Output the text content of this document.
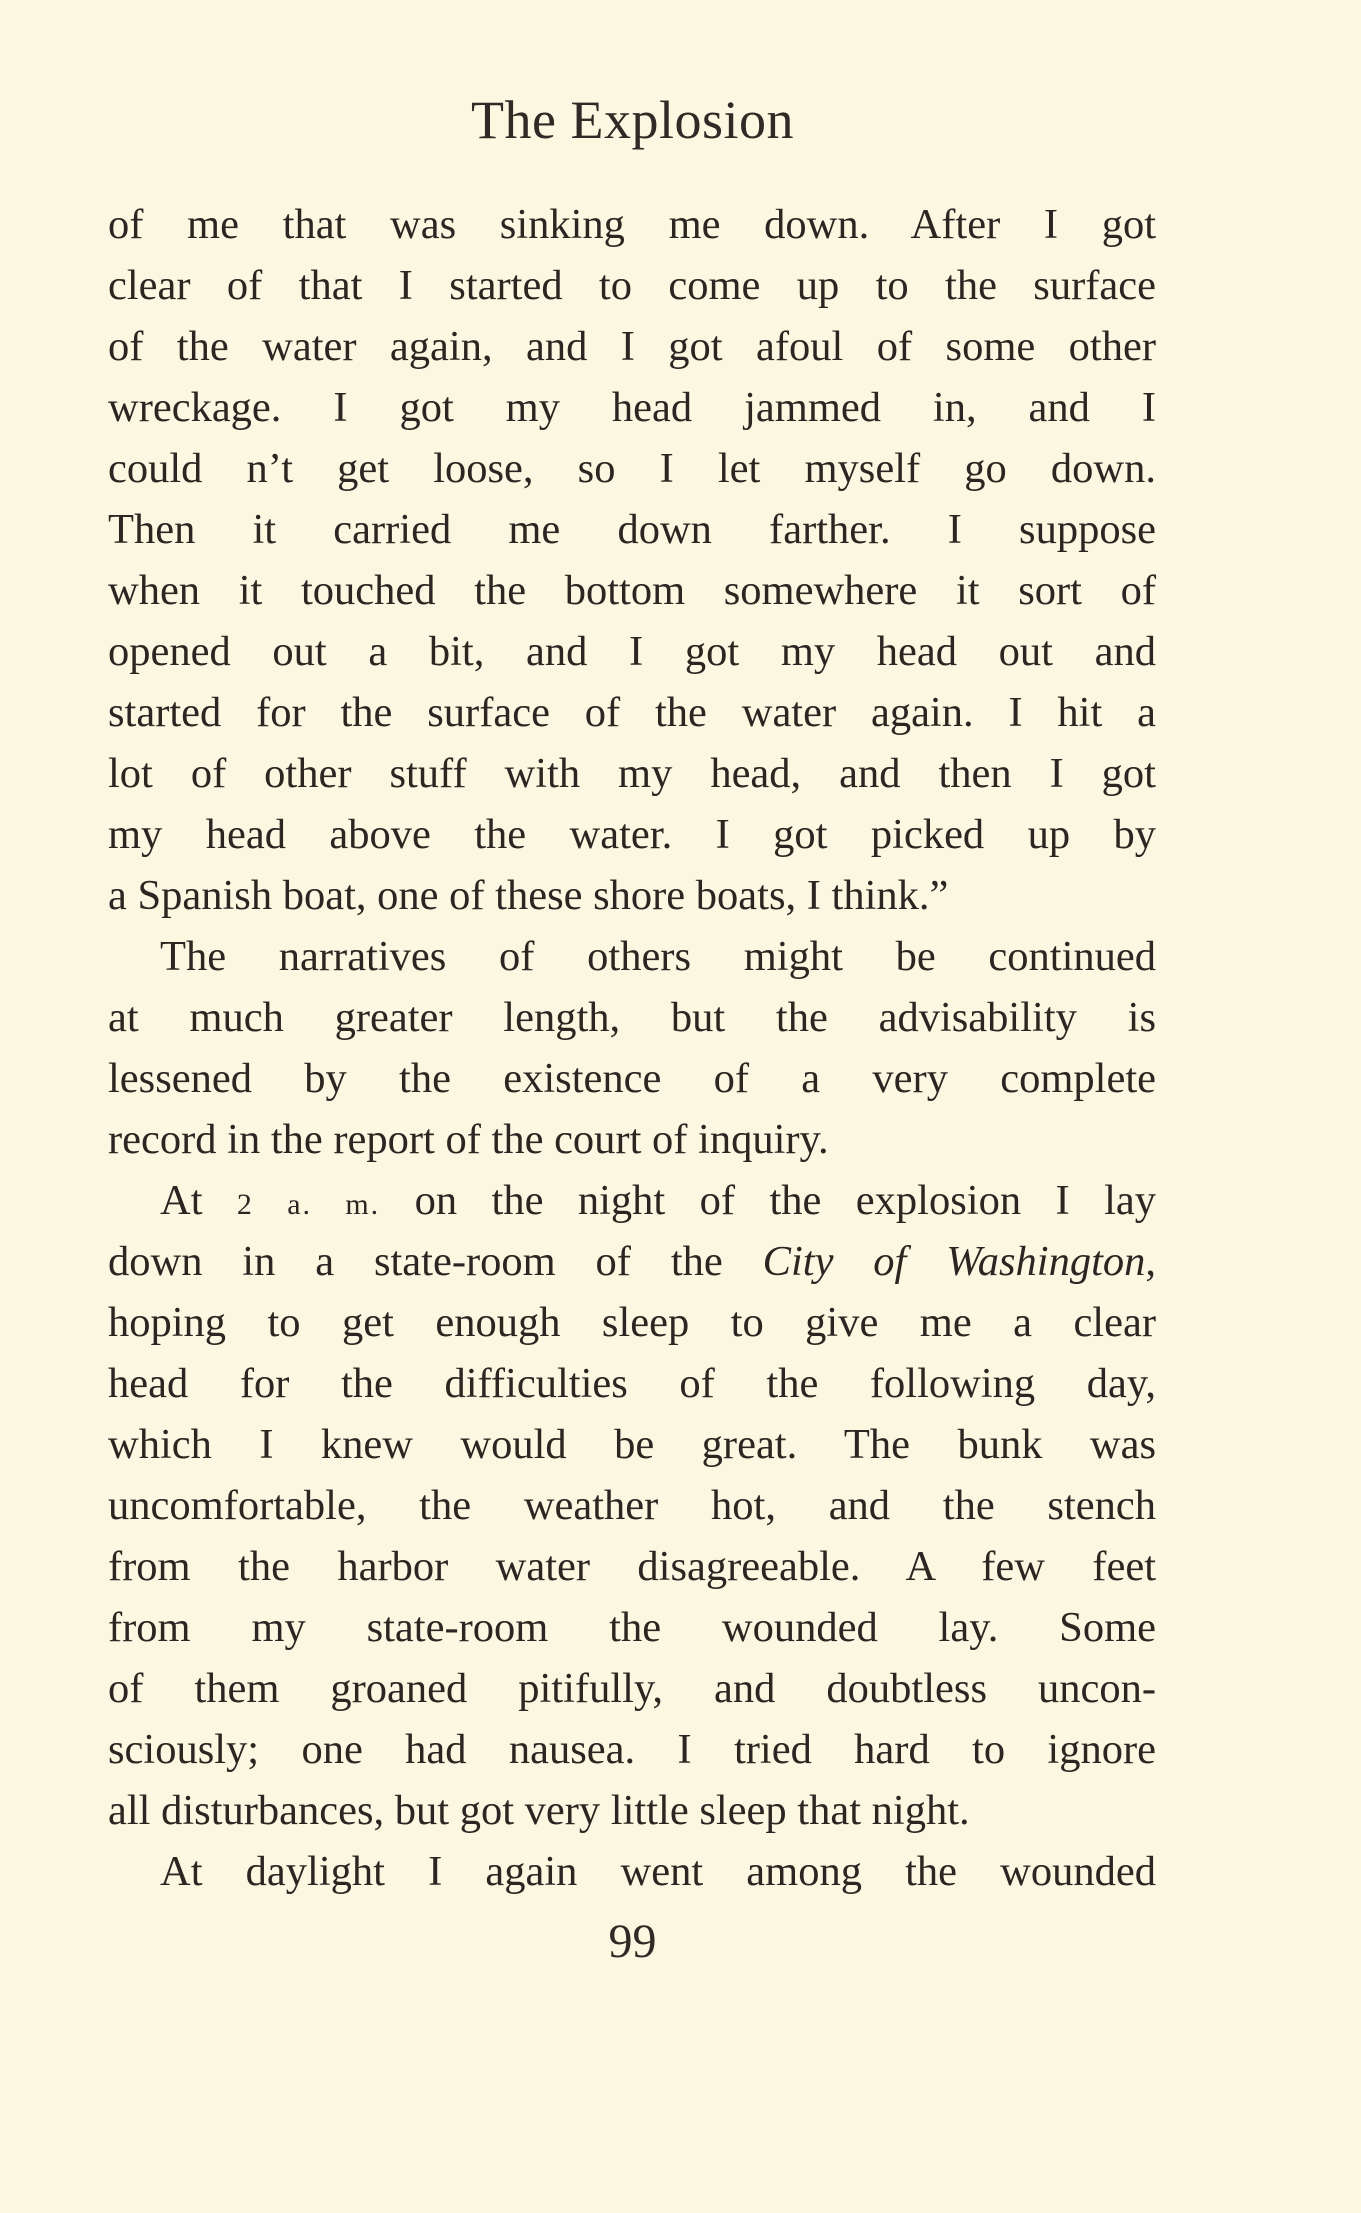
The Explosion
of me that was sinking me down. After I got
clear of that I started to come up to the surface
of the water again, and I got afoul of some other
wreckage. I got my head jammed in, and I
could n’t get loose, so I let myself go down.
Then it carried me down farther. I suppose
when it touched the bottom somewhere it sort of
opened out a bit, and I got my head out and
started for the surface of the water again. I hit a
lot of other stuff with my head, and then I got
my head above the water. I got picked up by
a Spanish boat, one of these shore boats, I think.”
The narratives of others might be continued
at much greater length, but the advisability is
lessened by the existence of a very complete
record in the report of the court of inquiry.
At 2 a. m. on the night of the explosion I lay
down in a state-room of the City of Washington,
hoping to get enough sleep to give me a clear
head for the difficulties of the following day,
which I knew would be great. The bunk was
uncomfortable, the weather hot, and the stench
from the harbor water disagreeable. A few feet
from my state-room the wounded lay. Some
of them groaned pitifully, and doubtless uncon-
sciously; one had nausea. I tried hard to ignore
all disturbances, but got very little sleep that night.
At daylight I again went among the wounded
99
